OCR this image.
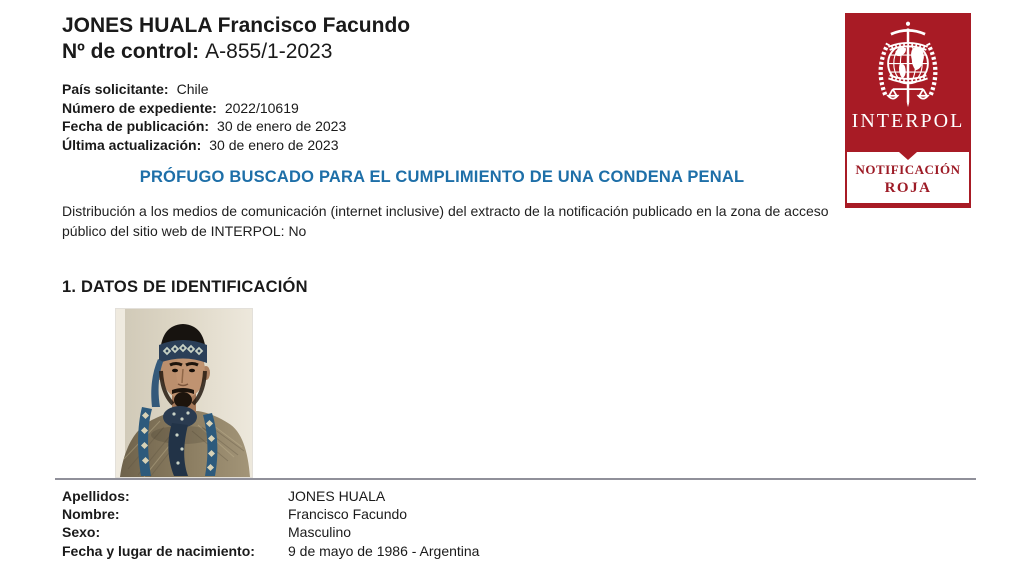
JONES HUALA Francisco Facundo
Nº de control: A-855/1-2023
País solicitante: Chile
Número de expediente: 2022/10619
Fecha de publicación: 30 de enero de 2023
Última actualización: 30 de enero de 2023
PRÓFUGO BUSCADO PARA EL CUMPLIMIENTO DE UNA CONDENA PENAL

Distribución a los medios de comunicación (internet inclusive) del extracto de la notificación publicado en la zona de acceso público del sitio web de INTERPOL: No

1. DATOS DE IDENTIFICACIÓN
Apellidos:	JONES HUALA
Nombre:	Francisco Facundo
Sexo:	Masculino
Fecha y lugar de nacimiento: 9 de mayo de 1986 - Argentina
INTERPOL
NOTIFICACIÓN
ROJA
